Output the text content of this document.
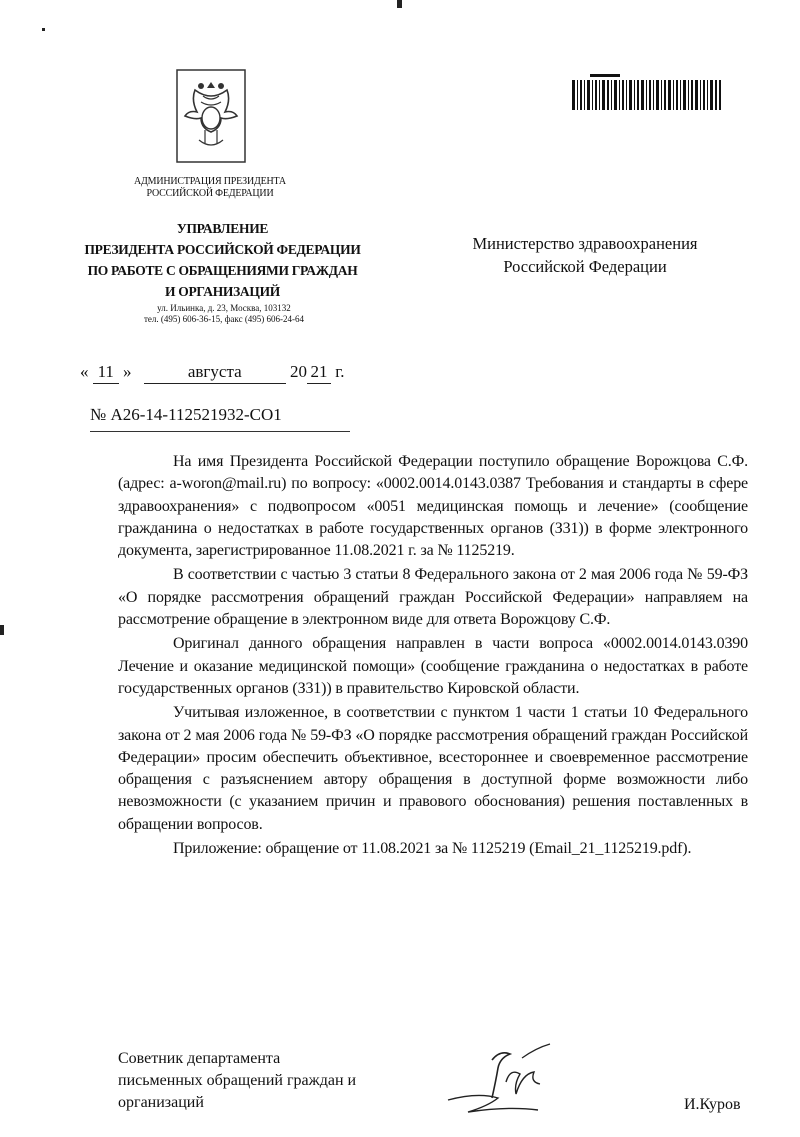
АДМИНИСТРАЦИЯ ПРЕЗИДЕНТА
РОССИЙСКОЙ ФЕДЕРАЦИИ
УПРАВЛЕНИЕ
ПРЕЗИДЕНТА РОССИЙСКОЙ ФЕДЕРАЦИИ
ПО РАБОТЕ С ОБРАЩЕНИЯМИ ГРАЖДАН
И ОРГАНИЗАЦИЙ
ул. Ильинка, д. 23, Москва, 103132
тел. (495) 606-36-15, факс (495) 606-24-64
Министерство здравоохранения
Российской Федерации
« 11 »	августа	20 21 г.
№ А26-14-112521932-СО1

На имя Президента Российской Федерации поступило обращение Ворожцова С.Ф. (адрес: a-woron@mail.ru) по вопросу: «0002.0014.0143.0387 Требования и стандарты в сфере здравоохранения» с подвопросом «0051 медицинская помощь и лечение» (сообщение гражданина о недостатках в работе государственных органов (З31)) в форме электронного документа, зарегистрированное 11.08.2021 г. за № 1125219.

В соответствии с частью 3 статьи 8 Федерального закона от 2 мая 2006 года № 59-ФЗ «О порядке рассмотрения обращений граждан Российской Федерации» направляем на рассмотрение обращение в электронном виде для ответа Ворожцову С.Ф.

Оригинал данного обращения направлен в части вопроса «0002.0014.0143.0390 Лечение и оказание медицинской помощи» (сообщение гражданина о недостатках в работе государственных органов (З31)) в правительство Кировской области.

Учитывая изложенное, в соответствии с пунктом 1 части 1 статьи 10 Федерального закона от 2 мая 2006 года № 59-ФЗ «О порядке рассмотрения обращений граждан Российской Федерации» просим обеспечить объективное, всестороннее и своевременное рассмотрение обращения с разъяснением автору обращения в доступной форме возможности либо невозможности (с указанием причин и правового обоснования) решения поставленных в обращении вопросов.

Приложение: обращение от 11.08.2021 за № 1125219 (Email_21_1125219.pdf).

Советник департамента
письменных обращений граждан и
организаций	И.Куров
